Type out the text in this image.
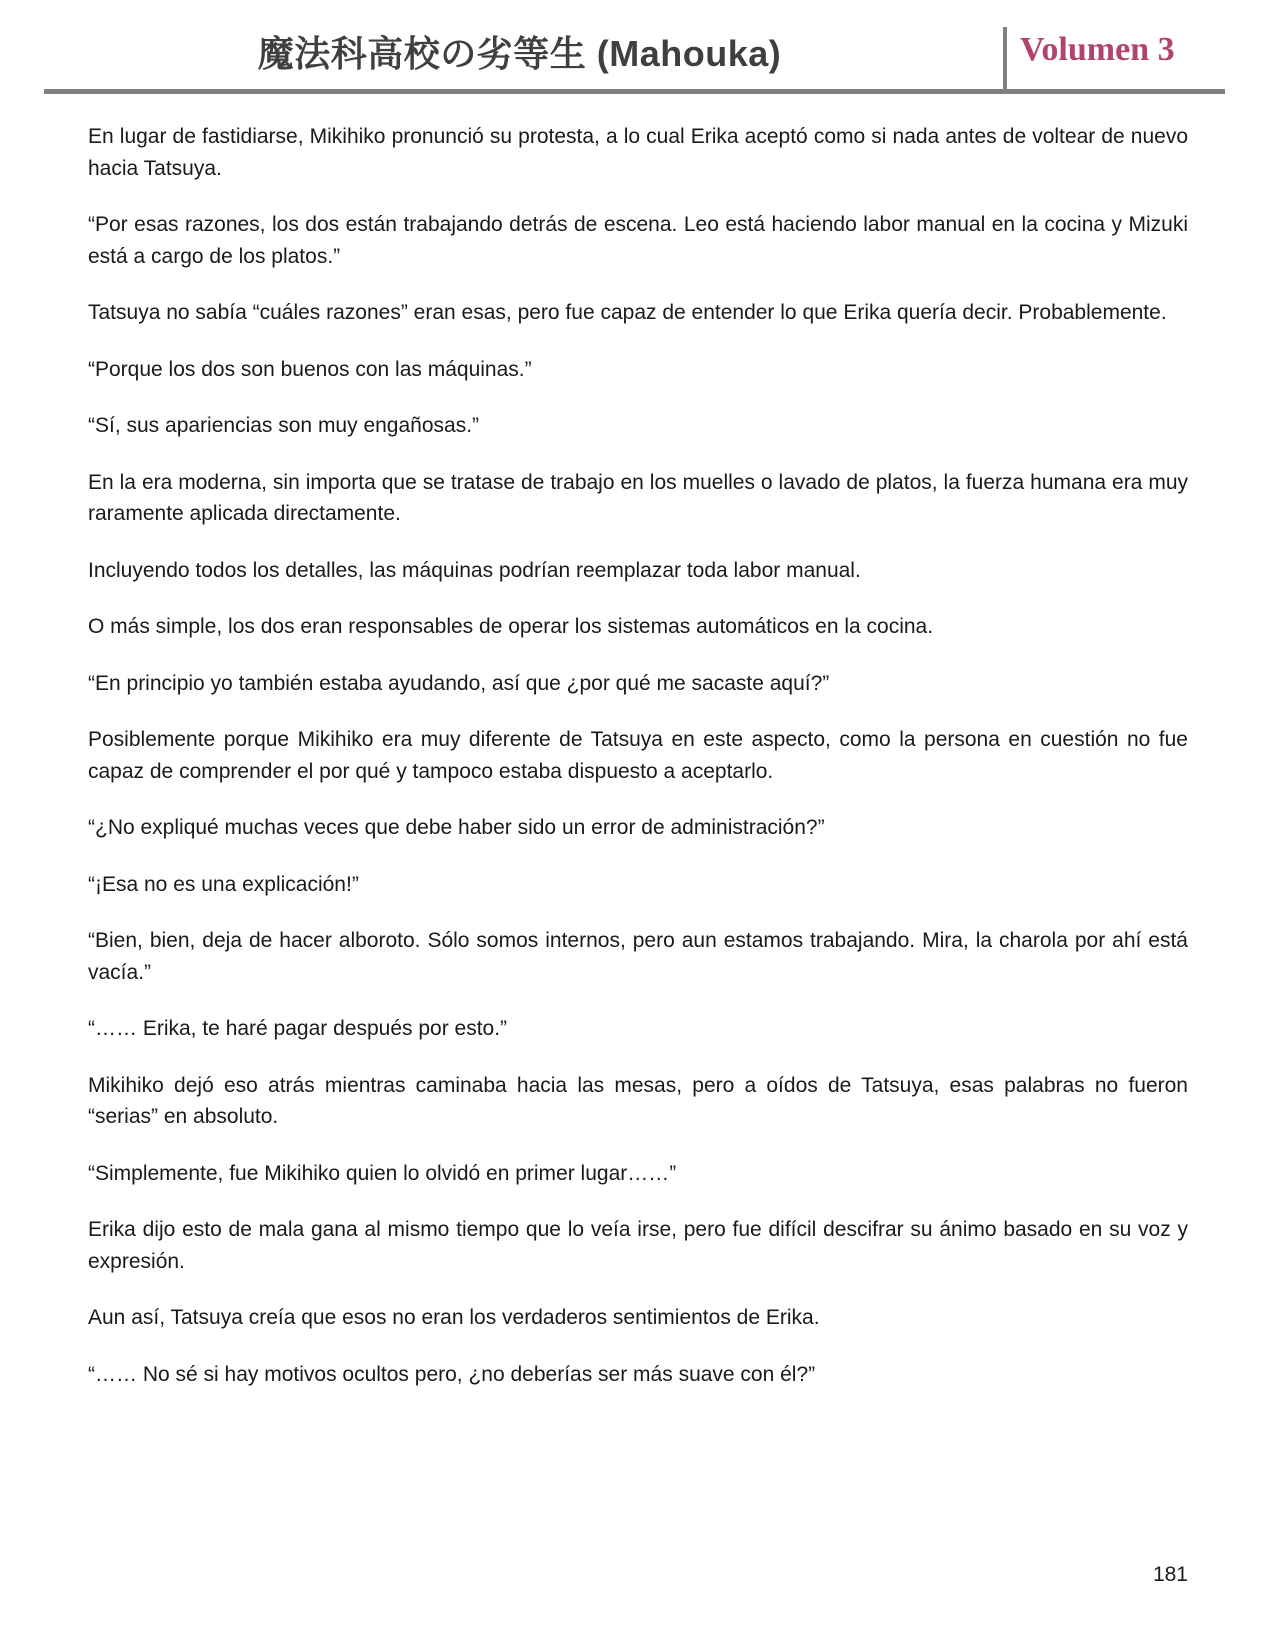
魔法科高校の劣等生 (Mahouka)	Volumen 3

En lugar de fastidiarse, Mikihiko pronunció su protesta, a lo cual Erika aceptó como si nada antes de voltear de nuevo hacia Tatsuya.

“Por esas razones, los dos están trabajando detrás de escena. Leo está haciendo labor manual en la cocina y Mizuki está a cargo de los platos.”

Tatsuya no sabía “cuáles razones” eran esas, pero fue capaz de entender lo que Erika quería decir. Probablemente.

“Porque los dos son buenos con las máquinas.”

“Sí, sus apariencias son muy engañosas.”

En la era moderna, sin importa que se tratase de trabajo en los muelles o lavado de platos, la fuerza humana era muy raramente aplicada directamente.

Incluyendo todos los detalles, las máquinas podrían reemplazar toda labor manual.

O más simple, los dos eran responsables de operar los sistemas automáticos en la cocina.

“En principio yo también estaba ayudando, así que ¿por qué me sacaste aquí?”

Posiblemente porque Mikihiko era muy diferente de Tatsuya en este aspecto, como la persona en cuestión no fue capaz de comprender el por qué y tampoco estaba dispuesto a aceptarlo.

“¿No expliqué muchas veces que debe haber sido un error de administración?”

“¡Esa no es una explicación!”

“Bien, bien, deja de hacer alboroto. Sólo somos internos, pero aun estamos trabajando. Mira, la charola por ahí está vacía.”

“…… Erika, te haré pagar después por esto.”

Mikihiko dejó eso atrás mientras caminaba hacia las mesas, pero a oídos de Tatsuya, esas palabras no fueron “serias” en absoluto.

“Simplemente, fue Mikihiko quien lo olvidó en primer lugar……”

Erika dijo esto de mala gana al mismo tiempo que lo veía irse, pero fue difícil descifrar su ánimo basado en su voz y expresión.

Aun así, Tatsuya creía que esos no eran los verdaderos sentimientos de Erika.

“…… No sé si hay motivos ocultos pero, ¿no deberías ser más suave con él?”

181
